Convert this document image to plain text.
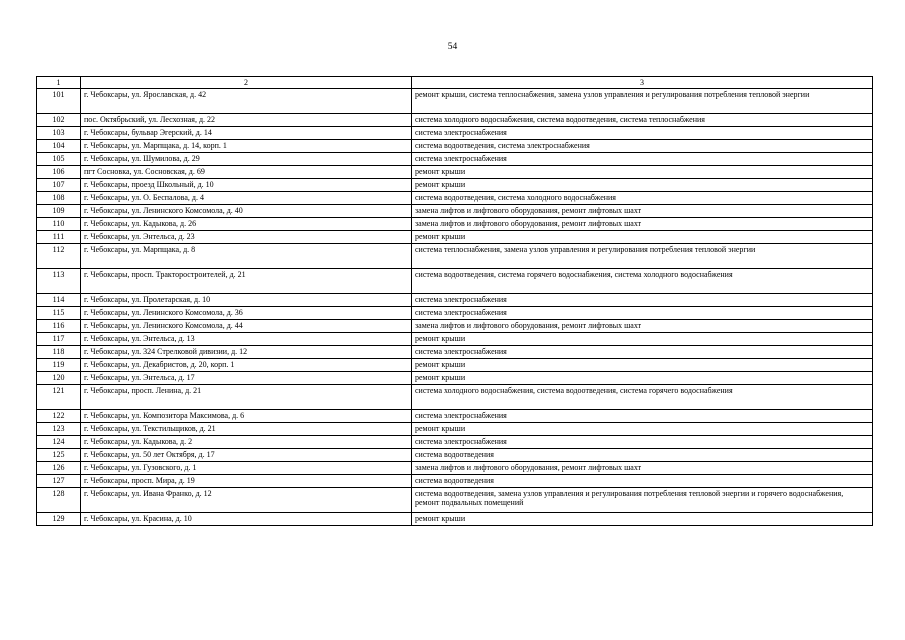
54
1	2	3
101	г. Чебоксары, ул. Ярославская, д. 42	ремонт крыши, система теплоснабжения, замена узлов управления и регулирования потребления тепловой энергии
102	пос. Октябрьский, ул. Лесхозная, д. 22	система холодного водоснабжения, система водоотведения, система теплоснабжения
103	г. Чебоксары, бульвар Эгерский, д. 14	система электроснабжения
104	г. Чебоксары, ул. Марпщака, д. 14, корп. 1	система водоотведения, система электроснабжения
105	г. Чебоксары, ул. Шумилова, д. 29	система электроснабжения
106	пгт Сосновка, ул. Сосновская, д. 69	ремонт крыши
107	г. Чебоксары, проезд Школьный, д. 10	ремонт крыши
108	г. Чебоксары, ул. О. Беспалова, д. 4	система водоотведения, система холодного водоснабжения
109	г. Чебоксары, ул. Ленинского Комсомола, д. 40	замена лифтов и лифтового оборудования, ремонт лифтовых шахт
110	г. Чебоксары, ул. Кадыкова, д. 26	замена лифтов и лифтового оборудования, ремонт лифтовых шахт
111	г. Чебоксары, ул. Энтельса, д. 23	ремонт крыши
112	г. Чебоксары, ул. Марпщака, д. 8	система теплоснабжения, замена узлов управления и регулирования потребления тепловой энергии
113	г. Чебоксары, просп. Тракторостроителей, д. 21	система водоотведения, система горячего водоснабжения, система холодного водоснабжения
114	г. Чебоксары, ул. Пролетарская, д. 10	система электроснабжения
115	г. Чебоксары, ул. Ленинского Комсомола, д. 36	система электроснабжения
116	г. Чебоксары, ул. Ленинского Комсомола, д. 44	замена лифтов и лифтового оборудования, ремонт лифтовых шахт
117	г. Чебоксары, ул. Энтельса, д. 13	ремонт крыши
118	г. Чебоксары, ул. 324 Стрелковой дивизии, д. 12	система электроснабжения
119	г. Чебоксары, ул. Декабристов, д. 20, корп. 1	ремонт крыши
120	г. Чебоксары, ул. Энтельса, д. 17	ремонт крыши
121	г. Чебоксары, просп. Ленина, д. 21	система холодного водоснабжения, система водоотведения, система горячего водоснабжения
122	г. Чебоксары, ул. Композитора Максимова, д. 6	система электроснабжения
123	г. Чебоксары, ул. Текстильщиков, д. 21	ремонт крыши
124	г. Чебоксары, ул. Кадыкова, д. 2	система электроснабжения
125	г. Чебоксары, ул. 50 лет Октября, д. 17	система водоотведения
126	г. Чебоксары, ул. Гузовского, д. 1	замена лифтов и лифтового оборудования, ремонт лифтовых шахт
127	г. Чебоксары, просп. Мира, д. 19	система водоотведения
128	г. Чебоксары, ул. Ивана Франко, д. 12	система водоотведения, замена узлов управления и регулирования потребления тепловой энергии и горячего водоснабжения, ремонт подвальных помещений
129	г. Чебоксары, ул. Красина, д. 10	ремонт крыши
